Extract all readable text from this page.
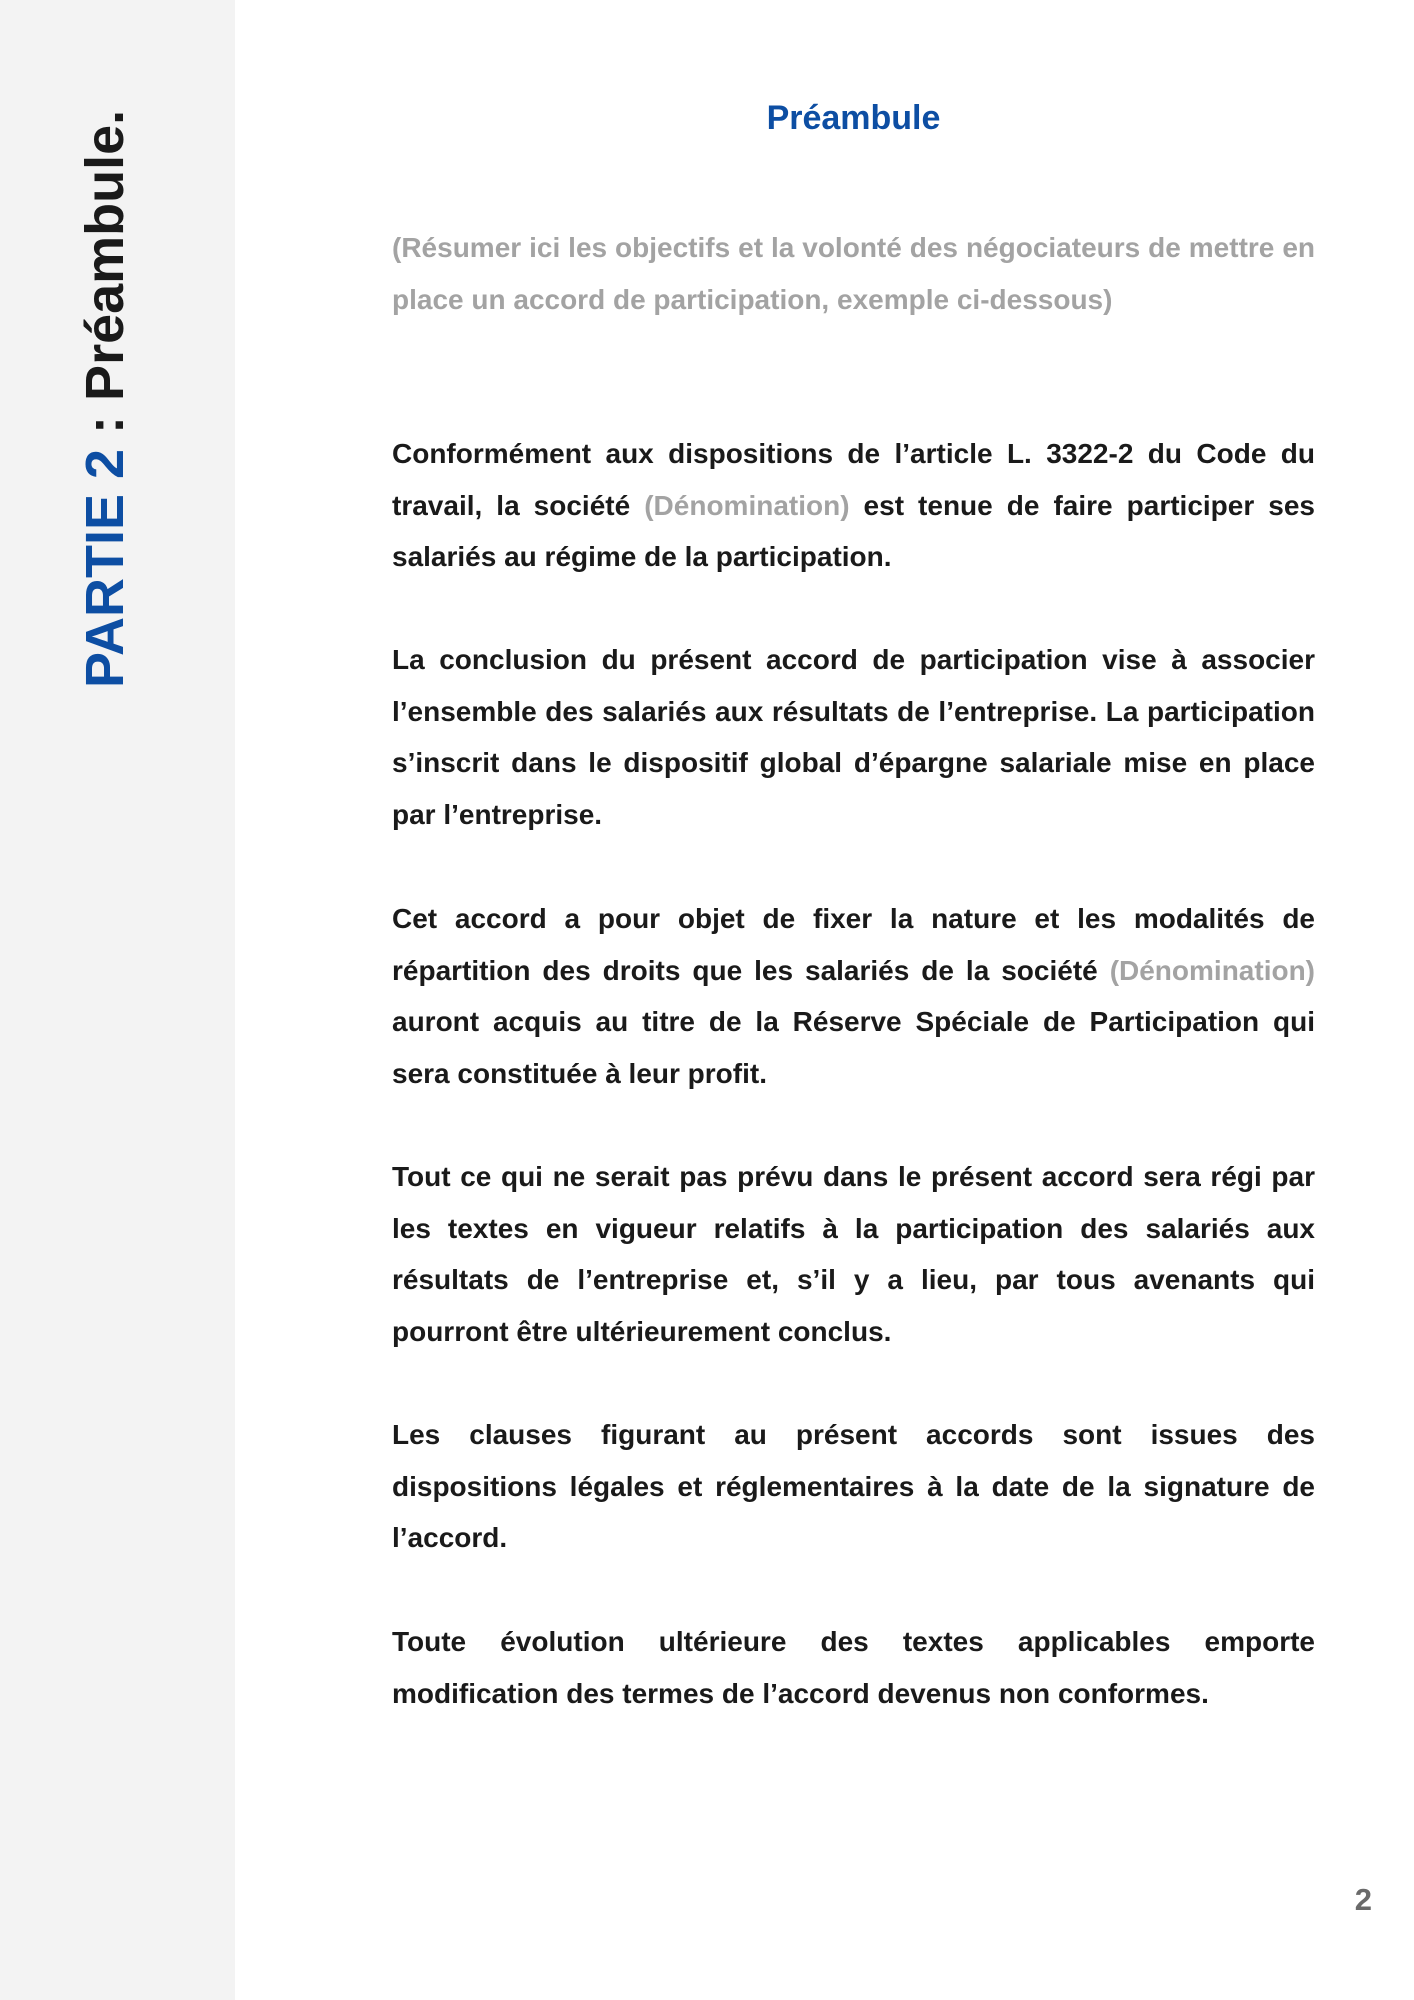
PARTIE 2 : Préambule.	Préambule

(Résumer ici les objectifs et la volonté des négociateurs de mettre en place un accord de participation, exemple ci-dessous)

Conformément aux dispositions de l’article L. 3322-2 du Code du travail, la société (Dénomination) est tenue de faire participer ses salariés au régime de la participation.

La conclusion du présent accord de participation vise à associer l’ensemble des salariés aux résultats de l’entreprise. La participation s’inscrit dans le dispositif global d’épargne salariale mise en place par l’entreprise.

Cet accord a pour objet de fixer la nature et les modalités de répartition des droits que les salariés de la société (Dénomination) auront acquis au titre de la Réserve Spéciale de Participation qui sera constituée à leur profit.

Tout ce qui ne serait pas prévu dans le présent accord sera régi par les textes en vigueur relatifs à la participation des salariés aux résultats de l’entreprise et, s’il y a lieu, par tous avenants qui pourront être ultérieurement conclus.

Les clauses figurant au présent accords sont issues des dispositions légales et réglementaires à la date de la signature de l’accord.

Toute évolution ultérieure des textes applicables emporte modification des termes de l’accord devenus non conformes.

2
